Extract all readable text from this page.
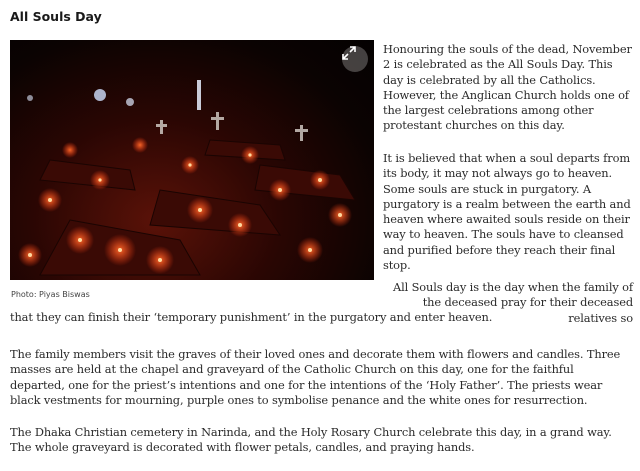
All Souls Day
Photo: Piyas Biswas

Honouring the souls of the dead, November 2 is celebrated as the All Souls Day. This day is celebrated by all the Catholics. However, the Anglican Church holds one of the largest celebrations among other protestant churches on this day.

It is believed that when a soul departs from its body, it may not always go to heaven. Some souls are stuck in purgatory. A purgatory is a realm between the earth and heaven where awaited souls reside on their way to heaven. The souls have to cleansed and purified before they reach their final stop.

All Souls day is the day when the family of the deceased pray for their deceased relatives so

that they can finish their ‘temporary punishment’ in the purgatory and enter heaven.

The family members visit the graves of their loved ones and decorate them with flowers and candles. Three masses are held at the chapel and graveyard of the Catholic Church on this day, one for the faithful departed, one for the priest’s intentions and one for the intentions of the ‘Holy Father’. The priests wear black vestments for mourning, purple ones to symbolise penance and the white ones for resurrection.

The Dhaka Christian cemetery in Narinda, and the Holy Rosary Church celebrate this day, in a grand way. The whole graveyard is decorated with flower petals, candles, and praying hands.
